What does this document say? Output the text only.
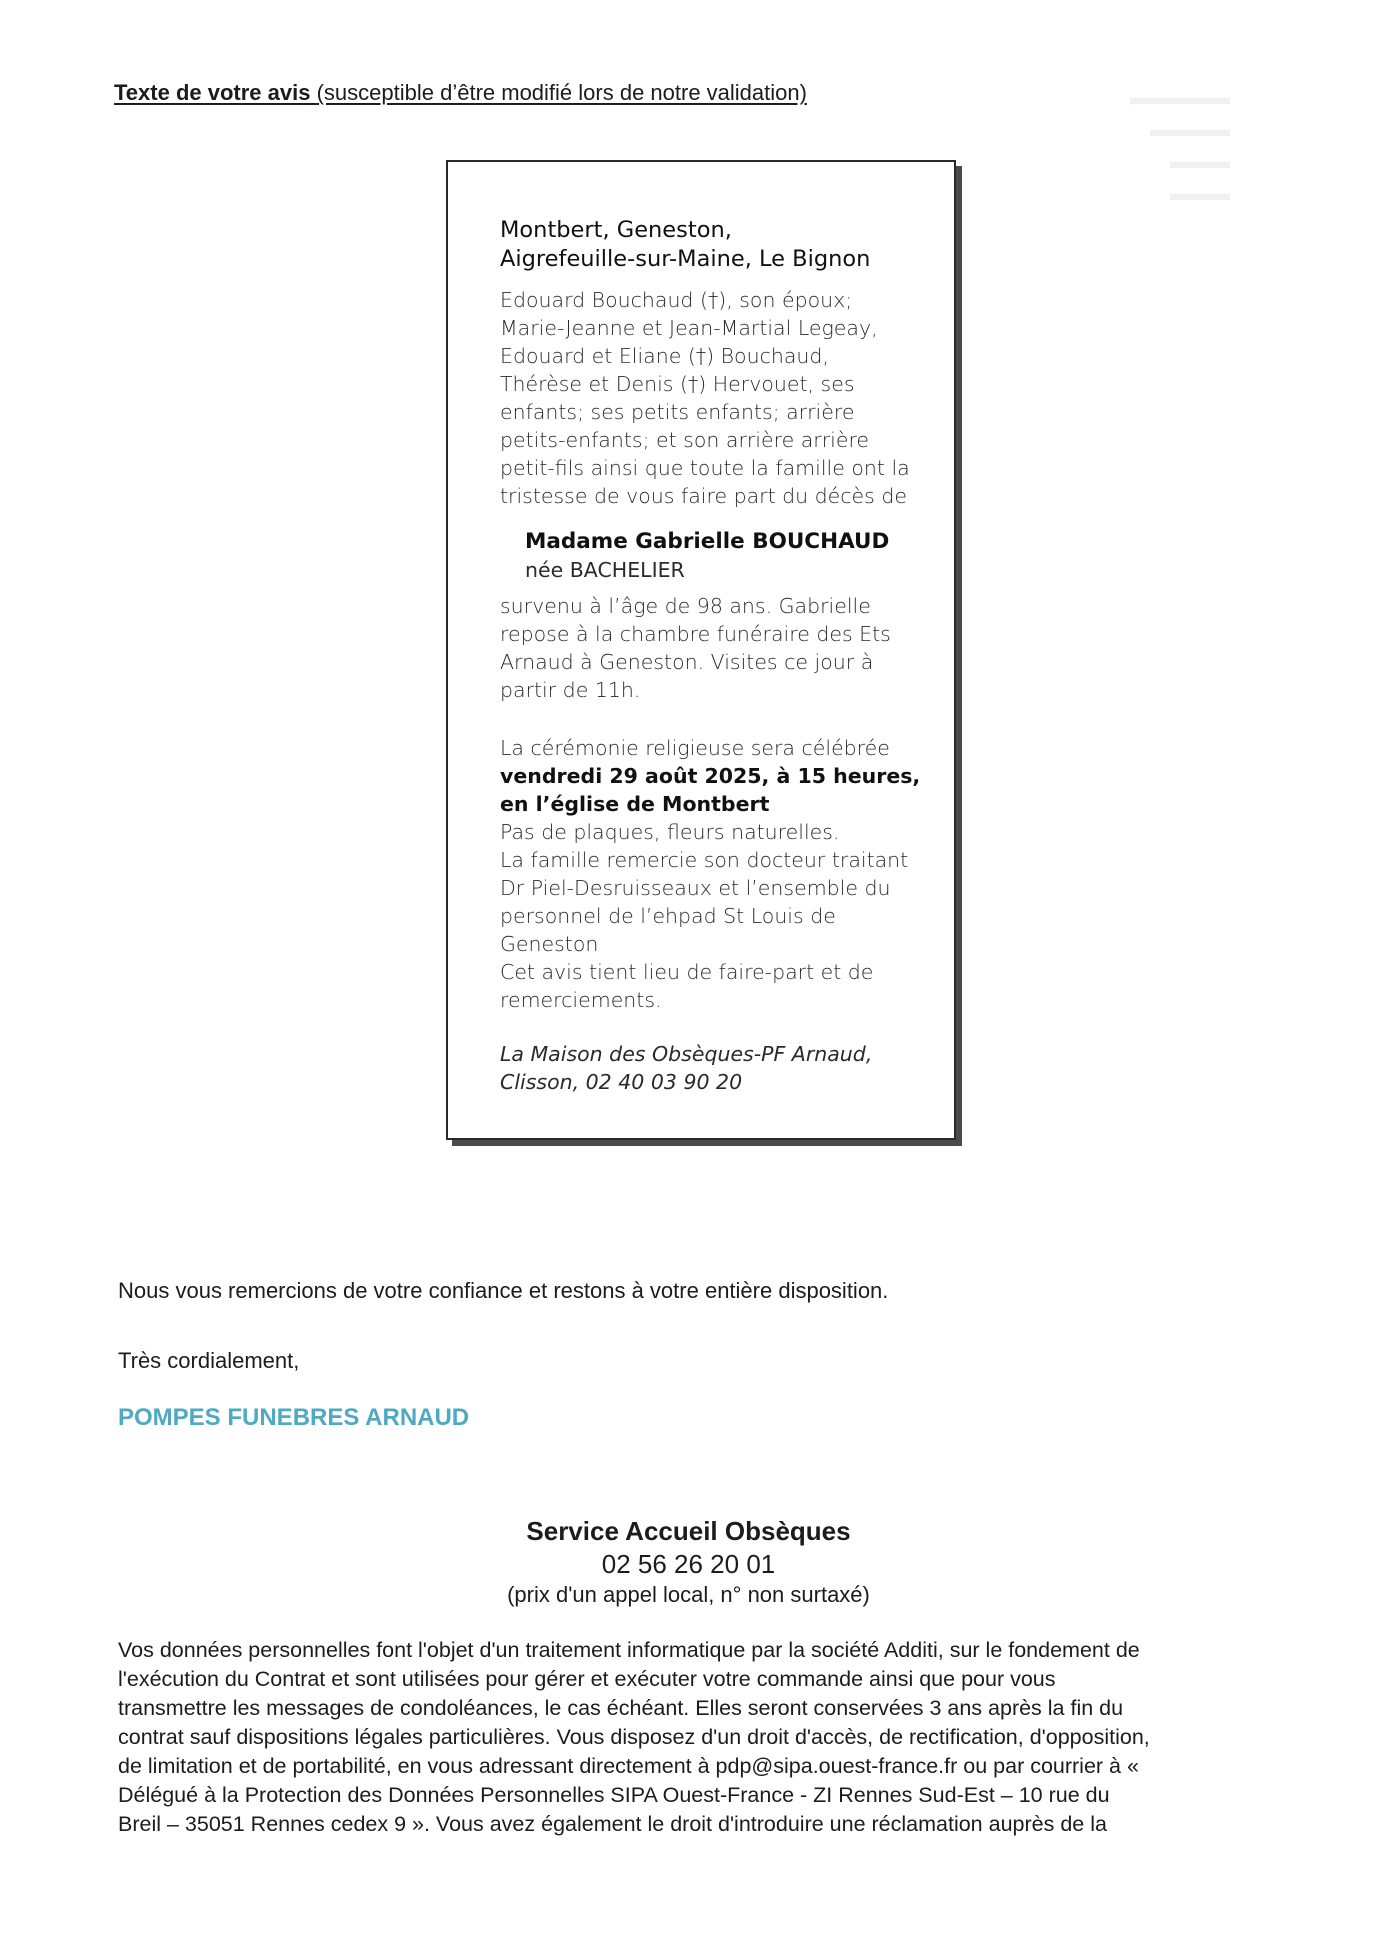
Texte de votre avis (susceptible d’être modifié lors de notre validation)	▬▬▬▬▬
▬▬▬▬
▬▬▬
▬▬▬
Montbert, Geneston,
Aigrefeuille-sur-Maine, Le Bignon
Edouard Bouchaud (†), son époux;
Marie-Jeanne et Jean-Martial Legeay,
Edouard et Eliane (†) Bouchaud,
Thérèse et Denis (†) Hervouet, ses
enfants; ses petits enfants; arrière
petits-enfants; et son arrière arrière
petit-fils ainsi que toute la famille ont la
tristesse de vous faire part du décès de
Madame Gabrielle BOUCHAUD
née BACHELIER
survenu à l’âge de 98 ans. Gabrielle
repose à la chambre funéraire des Ets
Arnaud à Geneston. Visites ce jour à
partir de 11h.
La cérémonie religieuse sera célébrée
vendredi 29 août 2025, à 15 heures,
en l’église de Montbert
Pas de plaques, fleurs naturelles.
La famille remercie son docteur traitant
Dr Piel-Desruisseaux et l’ensemble du
personnel de l’ehpad St Louis de
Geneston
Cet avis tient lieu de faire-part et de
remerciements.
La Maison des Obsèques-PF Arnaud,
Clisson, 02 40 03 90 20
Nous vous remercions de votre confiance et restons à votre entière disposition.
Très cordialement,
POMPES FUNEBRES ARNAUD
Service Accueil Obsèques
02 56 26 20 01
(prix d'un appel local, n° non surtaxé)
Vos données personnelles font l'objet d'un traitement informatique par la société Additi, sur le fondement de
l'exécution du Contrat et sont utilisées pour gérer et exécuter votre commande ainsi que pour vous
transmettre les messages de condoléances, le cas échéant. Elles seront conservées 3 ans après la fin du
contrat sauf dispositions légales particulières. Vous disposez d'un droit d'accès, de rectification, d'opposition,
de limitation et de portabilité, en vous adressant directement à pdp@sipa.ouest-france.fr ou par courrier à «
Délégué à la Protection des Données Personnelles SIPA Ouest-France - ZI Rennes Sud-Est – 10 rue du
Breil – 35051 Rennes cedex 9 ». Vous avez également le droit d'introduire une réclamation auprès de la
